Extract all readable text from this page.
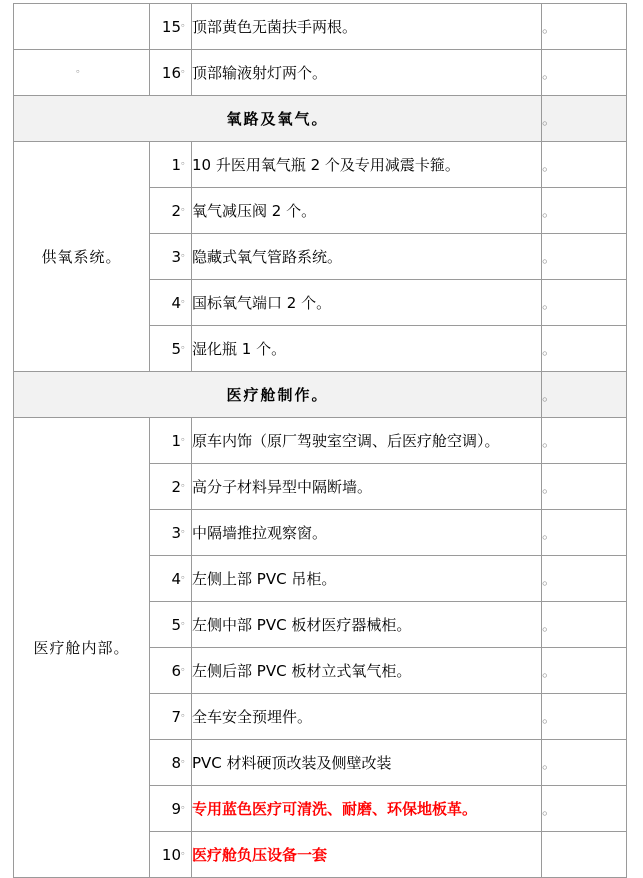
	15。	顶部黄色无菌扶手两根。	。
。	16。	顶部输液射灯两个。	。
氧路及氧气。			。
供氧系统。	1。	10 升医用氧气瓶 2 个及专用减震卡箍。	。
	2。	氧气减压阀 2 个。	。
	3。	隐藏式氧气管路系统。	。
	4。	国标氧气端口 2 个。	。
	5。	湿化瓶 1 个。	。
医疗舱制作。			。
医疗舱内部。	1。	原车内饰（原厂驾驶室空调、后医疗舱空调）。	。
	2。	高分子材料异型中隔断墙。	。
	3。	中隔墙推拉观察窗。	。
	4。	左侧上部 PVC 吊柜。	。
	5。	左侧中部 PVC 板材医疗器械柜。	。
	6。	左侧后部 PVC 板材立式氧气柜。	。
	7。	全车安全预埋件。	。
	8。	PVC 材料硬顶改装及侧壁改装	。
	9。	专用蓝色医疗可清洗、耐磨、环保地板革。	。
	10。	医疗舱负压设备一套	
